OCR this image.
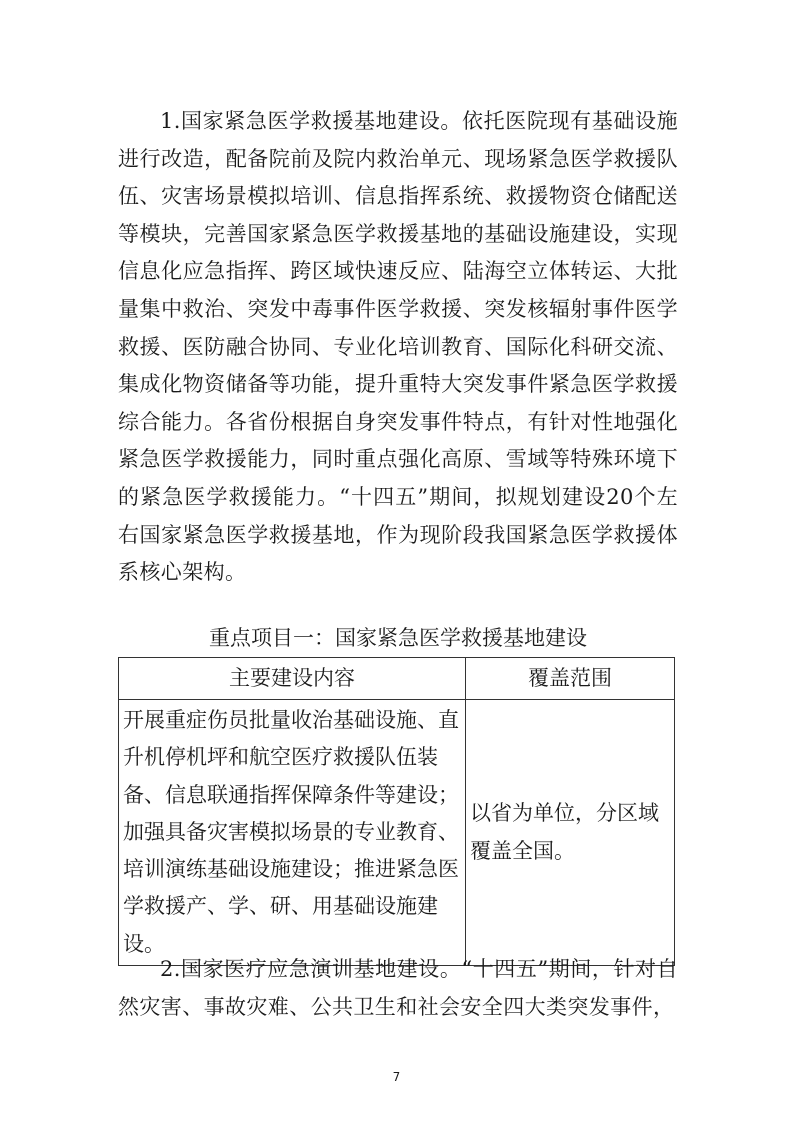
1.国家紧急医学救援基地建设。依托医院现有基础设施进行改造，配备院前及院内救治单元、现场紧急医学救援队伍、灾害场景模拟培训、信息指挥系统、救援物资仓储配送等模块，完善国家紧急医学救援基地的基础设施建设，实现信息化应急指挥、跨区域快速反应、陆海空立体转运、大批量集中救治、突发中毒事件医学救援、突发核辐射事件医学救援、医防融合协同、专业化培训教育、国际化科研交流、集成化物资储备等功能，提升重特大突发事件紧急医学救援综合能力。各省份根据自身突发事件特点，有针对性地强化紧急医学救援能力，同时重点强化高原、雪域等特殊环境下的紧急医学救援能力。“十四五”期间，拟规划建设20个左右国家紧急医学救援基地，作为现阶段我国紧急医学救援体系核心架构。

重点项目一：国家紧急医学救援基地建设

主要建设内容	覆盖范围
开展重症伤员批量收治基础设施、直升机停机坪和航空医疗救援队伍装备、信息联通指挥保障条件等建设；加强具备灾害模拟场景的专业教育、培训演练基础设施建设；推进紧急医学救援产、学、研、用基础设施建设。	以省为单位，分区域覆盖全国。

2.国家医疗应急演训基地建设。“十四五”期间，针对自然灾害、事故灾难、公共卫生和社会安全四大类突发事件，

7
